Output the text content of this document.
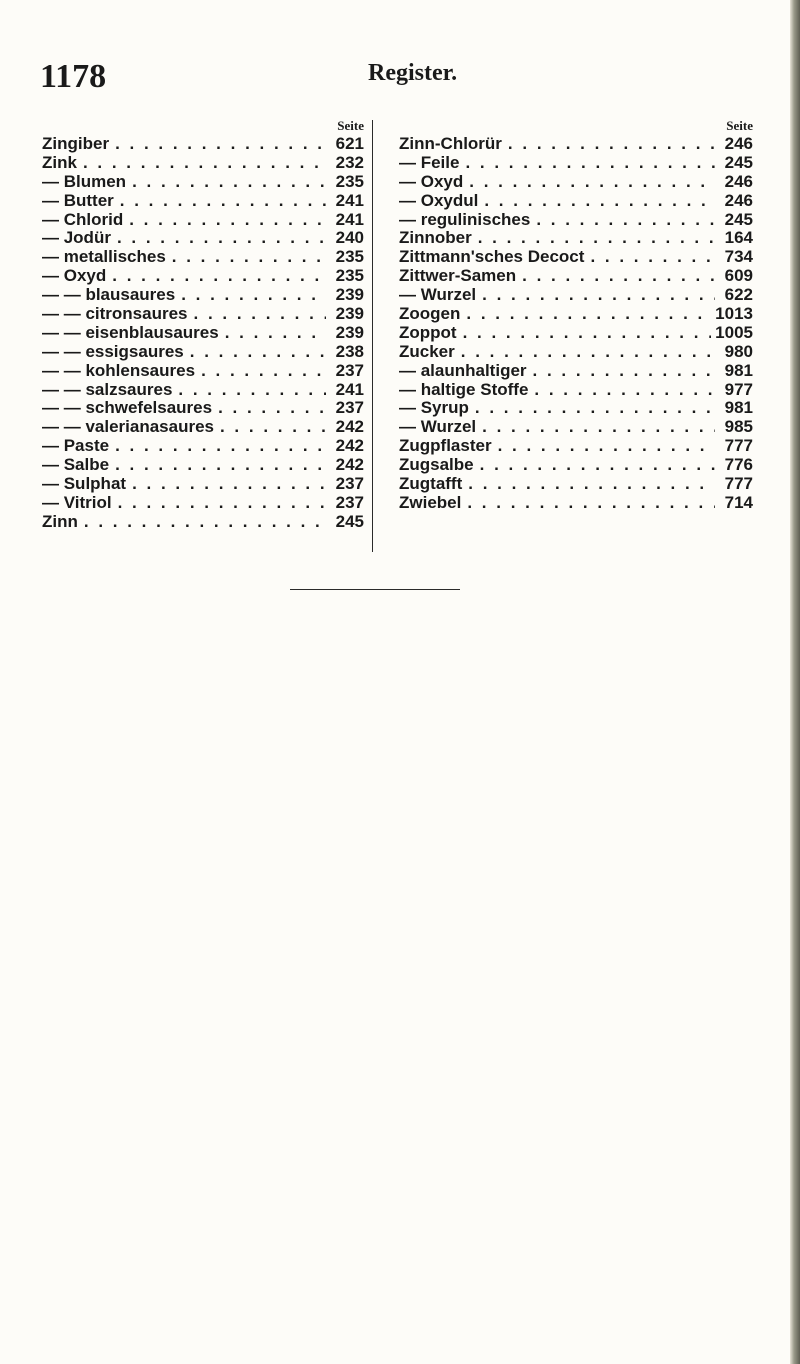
1178	Register.
Seite
Zingiber . . .	621
Zink . . .	232
— Blumen . . .	235
— Butter . . .	241
— Chlorid . . .	241
— Jodür . . .	240
— metallisches . . .	235
— Oxyd . . .	235
— — blausaures . . .	239
— — citronsaures . . .	239
— — eisenblausaures . . .	239
— — essigsaures . . .	238
— — kohlensaures . . .	237
— — salzsaures . . .	241
— — schwefelsaures . . .	237
— — valerianasaures . . .	242
— Paste . . .	242
— Salbe . . .	242
— Sulphat . . .	237
— Vitriol . . .	237
Zinn . . .	245
Seite
Zinn-Chlorür . . .	246
— Feile . . .	245
— Oxyd . . .	246
— Oxydul . . .	246
— regulinisches . . .	245
Zinnober . . .	164
Zittmann'sches Decoct . . .	734
Zittwer-Samen . . .	609
— Wurzel . . .	622
Zoogen . . .	1013
Zoppot . . .	1005
Zucker . . .	980
— alaunhaltiger . . .	981
— haltige Stoffe . . .	977
— Syrup . . .	981
— Wurzel . . .	985
Zugpflaster . . .	777
Zugsalbe . . .	776
Zugtafft . . .	777
Zwiebel . . .	714
